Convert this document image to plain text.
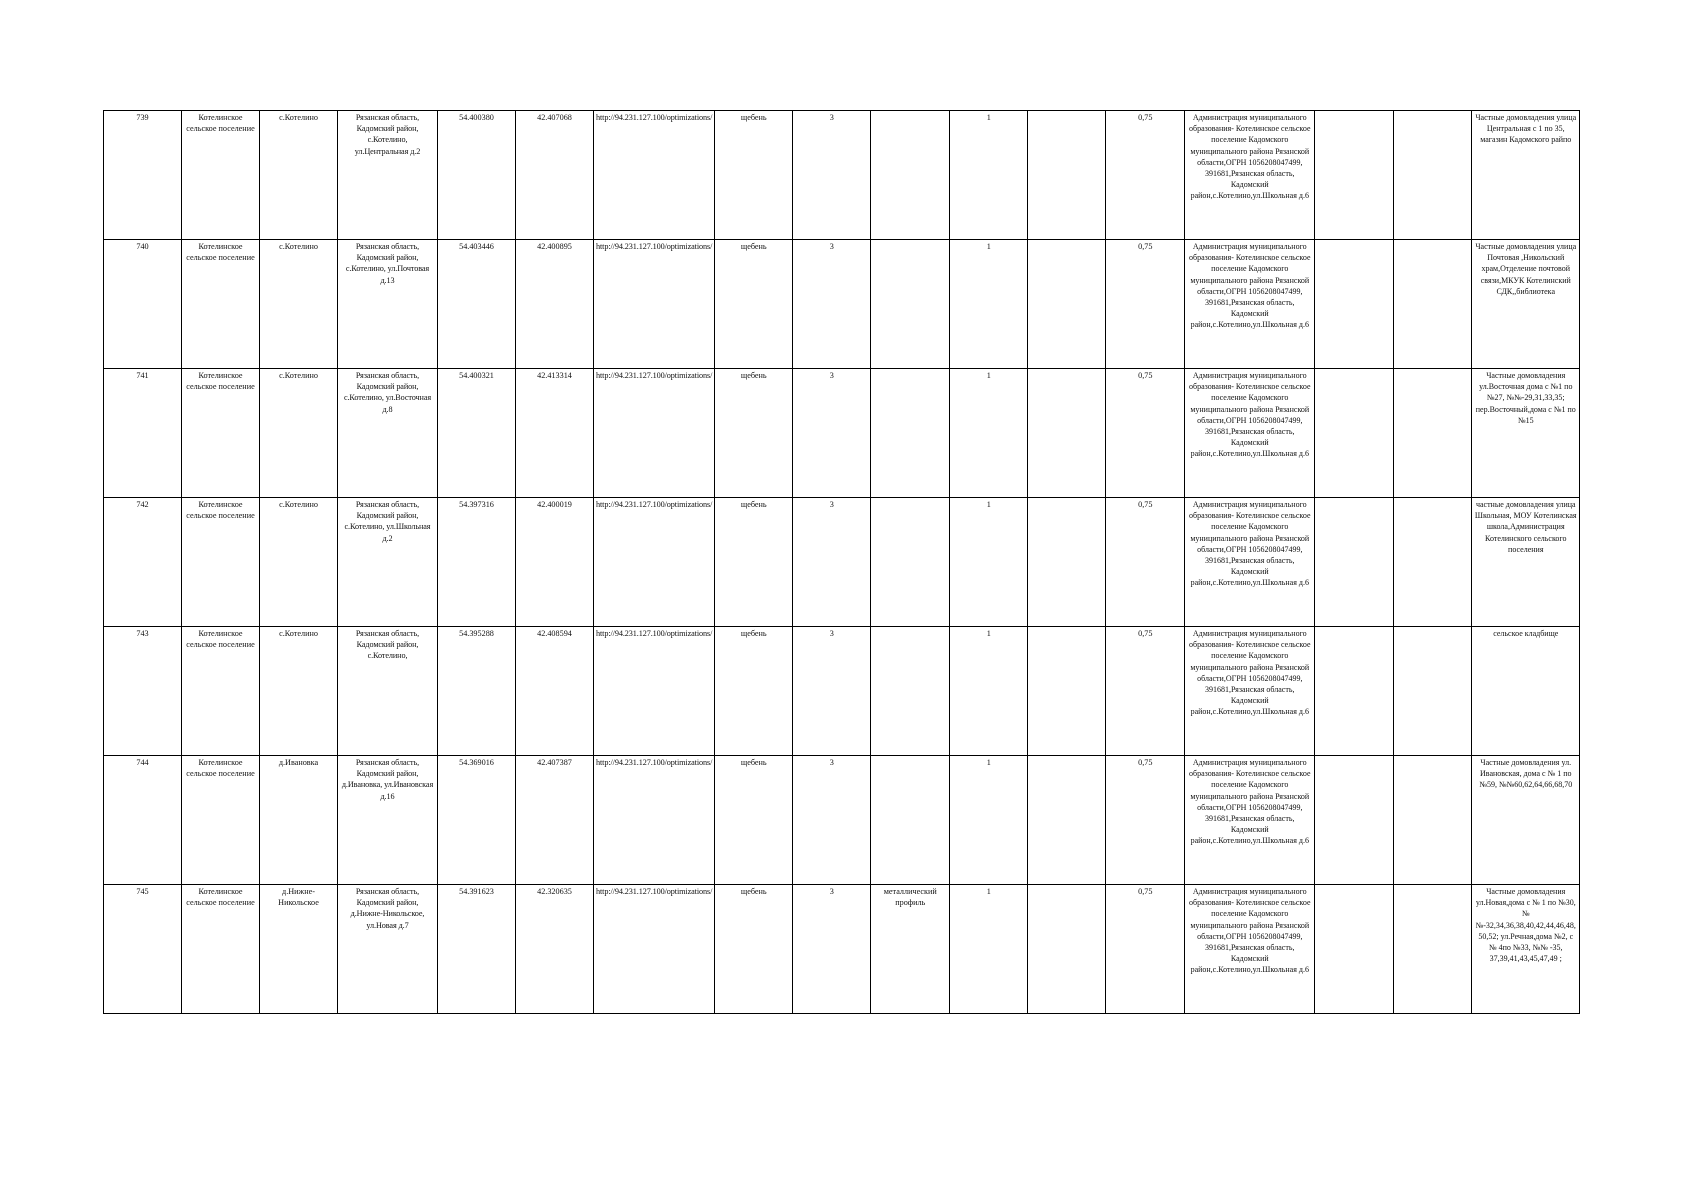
739	Котелинское сельское поселение	с.Котелино	Рязанская область, Кадомский район, с.Котелино, ул.Центральная д.2	54.400380	42.407068	http://94.231.127.100/optimizations/	щебень	3		1		0,75	Администрация муниципального образования- Котелинское сельское поселение Кадомского муниципального района Рязанской области,ОГРН 1056208047499, 391681,Рязанская область, Кадомский район,с.Котелино,ул.Школьная д.6			Частные домовладения улица Центральная с 1 по 35, магазин Кадомского райпо
740	Котелинское сельское поселение	с.Котелино	Рязанская область, Кадомский район, с.Котелино, ул.Почтовая д.13	54.403446	42.400895	http://94.231.127.100/optimizations/	щебень	3		1		0,75	Администрация муниципального образования- Котелинское сельское поселение Кадомского муниципального района Рязанской области,ОГРН 1056208047499, 391681,Рязанская область, Кадомский район,с.Котелино,ул.Школьная д.6			Частные домовладения улица Почтовая ,Никольский храм,Отделение почтовой связи,МКУК Котелинский СДК,,библиотека
741	Котелинское сельское поселение	с.Котелино	Рязанская область, Кадомский район, с.Котелино, ул.Восточная д.8	54.400321	42.413314	http://94.231.127.100/optimizations/	щебень	3		1		0,75	Администрация муниципального образования- Котелинское сельское поселение Кадомского муниципального района Рязанской области,ОГРН 1056208047499, 391681,Рязанская область, Кадомский район,с.Котелино,ул.Школьная д.6			Частные домовладения ул.Восточная дома с №1 по №27, №№-29,31,33,35; пер.Восточный,дома с №1 по №15
742	Котелинское сельское поселение	с.Котелино	Рязанская область, Кадомский район, с.Котелино, ул.Школьная д.2	54.397316	42.400019	http://94.231.127.100/optimizations/	щебень	3		1		0,75	Администрация муниципального образования- Котелинское сельское поселение Кадомского муниципального района Рязанской области,ОГРН 1056208047499, 391681,Рязанская область, Кадомский район,с.Котелино,ул.Школьная д.6			частные домовладения улица Школьная, МОУ Котелинская школа,Администрация Котелинского сельского поселения
743	Котелинское сельское поселение	с.Котелино	Рязанская область, Кадомский район, с.Котелино,	54.395288	42.408594	http://94.231.127.100/optimizations/	щебень	3		1		0,75	Администрация муниципального образования- Котелинское сельское поселение Кадомского муниципального района Рязанской области,ОГРН 1056208047499, 391681,Рязанская область, Кадомский район,с.Котелино,ул.Школьная д.6			сельское кладбище
744	Котелинское сельское поселение	д.Ивановка	Рязанская область, Кадомский район, д.Ивановка, ул.Ивановская д.16	54.369016	42.407387	http://94.231.127.100/optimizations/	щебень	3		1		0,75	Администрация муниципального образования- Котелинское сельское поселение Кадомского муниципального района Рязанской области,ОГРН 1056208047499, 391681,Рязанская область, Кадомский район,с.Котелино,ул.Школьная д.6			Частные домовладения ул. Ивановская, дома с № 1 по №59, №№60,62,64,66,68,70
745	Котелинское сельское поселение	д.Нижне-Никольское	Рязанская область, Кадомский район, д.Нижне-Никольское, ул.Новая д.7	54.391623	42.320635	http://94.231.127.100/optimizations/	щебень	3	металлический профиль	1		0,75	Администрация муниципального образования- Котелинское сельское поселение Кадомского муниципального района Рязанской области,ОГРН 1056208047499, 391681,Рязанская область, Кадомский район,с.Котелино,ул.Школьная д.6			Частные домовладения ул.Новая,дома с № 1 по №30, №№-32,34,36,38,40,42,44,46,48, 50,52; ул.Речная,дома №2, с № 4по №33, №№ -35, 37,39,41,43,45,47,49 ;
